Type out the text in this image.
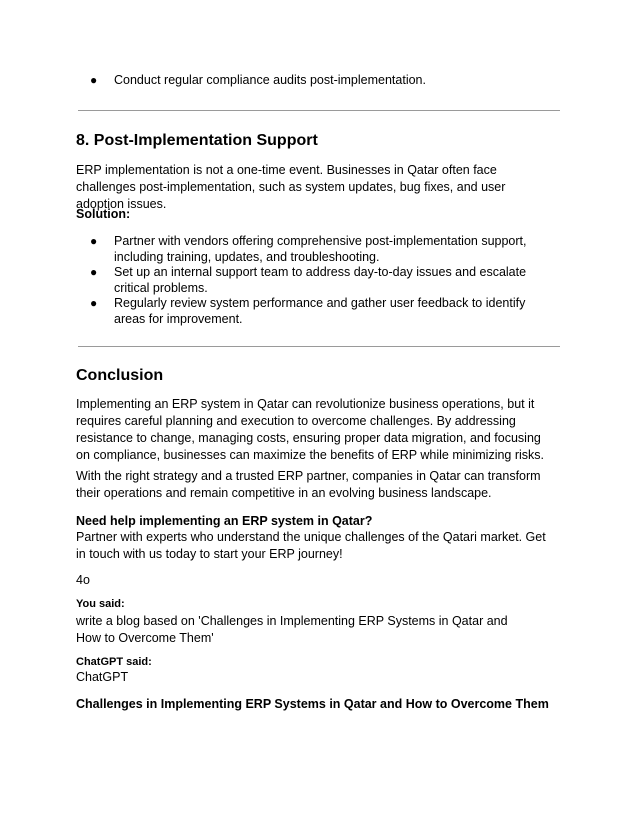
● Conduct regular compliance audits post-implementation.
8. Post-Implementation Support
ERP implementation is not a one-time event. Businesses in Qatar often face challenges post-implementation, such as system updates, bug fixes, and user adoption issues.
Solution:
● Partner with vendors offering comprehensive post-implementation support, including training, updates, and troubleshooting.
● Set up an internal support team to address day-to-day issues and escalate critical problems.
● Regularly review system performance and gather user feedback to identify areas for improvement.
Conclusion
Implementing an ERP system in Qatar can revolutionize business operations, but it requires careful planning and execution to overcome challenges. By addressing resistance to change, managing costs, ensuring proper data migration, and focusing on compliance, businesses can maximize the benefits of ERP while minimizing risks.
With the right strategy and a trusted ERP partner, companies in Qatar can transform their operations and remain competitive in an evolving business landscape.
Need help implementing an ERP system in Qatar?
Partner with experts who understand the unique challenges of the Qatari market. Get in touch with us today to start your ERP journey!
4o
You said:
write a blog based on 'Challenges in Implementing ERP Systems in Qatar and How to Overcome Them'
ChatGPT said:
ChatGPT
Challenges in Implementing ERP Systems in Qatar and How to Overcome Them
